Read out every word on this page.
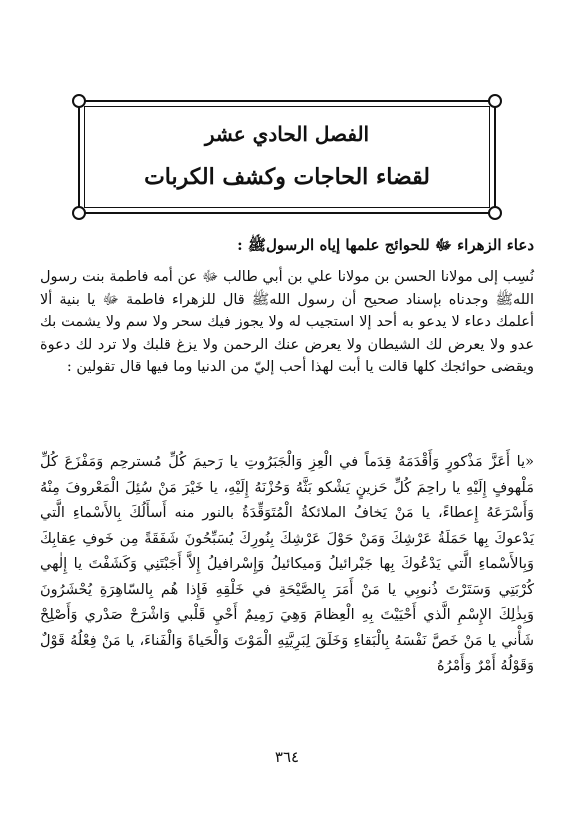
الفصل الحادي عشر
لقضاء الحاجات وكشف الكربات
دعاء الزهراء ﷻ للحوائج علمها إياه الرسولﷺ :
نُسِب إلى مولانا الحسن بن مولانا علي بن أبي طالب ﷻ عن أمه فاطمة بنت رسول اللهﷺ وجدناه بإسناد صحيح أن رسول اللهﷺ قال للزهراء فاطمة ﷻ يا بنية ألا أعلمك دعاء لا يدعو به أحد إلا استجيب له ولا يجوز فيك سحر ولا سم ولا يشمت بك عدو ولا يعرض لك الشيطان ولا يعرض عنك الرحمن ولا يزغ قلبك ولا ترد لك دعوة ويقضى حوائجك كلها قالت يا أبت لهذا أحب إليّ من الدنيا وما فيها قال تقولين :
«يا أَعَزَّ مَذْكورٍ وَأَقْدَمَهُ قِدَماً في الْعِزِ وَالْجَبَرُوتِ يا رَحيمَ كُلِّ مُسترحِم وَمَفْزَعَ كُلِّ مَلْهوفٍ إِلَيْهِ يا راحِمَ كُلِّ حَزينٍ يَشْكو بَثَّهُ وَحُزْنَهُ إِلَيْهِ، يا خَيْرَ مَنْ سُئِلَ الْمَعْروفَ مِنْهُ وَأَسْرَعَهُ إِعطاءً، يا مَنْ يَخافُ الملائكةُ الْمُتَوَقِّدَةُ بالنور منه أَسأَلُكَ بِالأَسْماءِ الَّتي يَدْعوكَ بِها حَمَلَةُ عَرْشِكَ وَمَنْ حَوْلَ عَرْشِكَ بِنُورِكَ يُسَبِّحُونَ شَفَقَةً مِن خَوفِ عِقابِكَ وَبِالأَسْماءِ الَّتي يَدْعُوكَ بِها جَبْرائيلُ وَميكائيلُ وَإِسْرافيلُ إِلاَّ أَجَبْتَنِي وَكَشَفْتَ يا إِلٰهي كُرْبَتِي وَسَتَرْتَ ذُنوبِي يا مَنْ أَمَرَ بِالصَّيْحَةِ في خَلْقِهِ فَإِذا هُم بِالسّاهِرَةِ يُحْشَرُونَ وَبِذٰلِكَ الإِسْمِ الَّذي أَحْيَيْتَ بِهِ الْعِظامَ وَهِيَ رَمِيمٌ أَحْيِ قَلْبي وَاشْرَحْ صَدْري وَأَصْلِحْ شَأْني يا مَنْ خَصَّ نَفْسَهُ بِالْبَقاءِ وَخَلَقَ لِبَرِيَّتِهِ الْمَوْتَ وَالْحَياةَ وَالْفَناءَ، يا مَنْ فِعْلُهُ قَوْلٌ وَقَوْلُهُ أَمْرٌ وَأَمْرُهُ
٣٦٤
